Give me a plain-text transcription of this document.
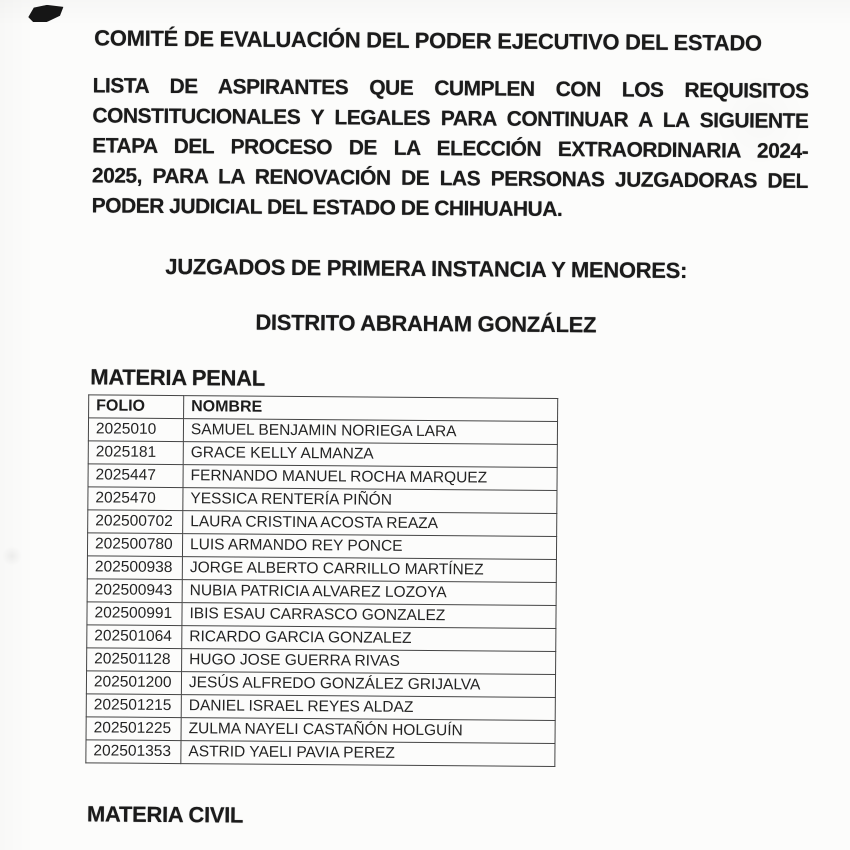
COMITÉ DE EVALUACIÓN DEL PODER EJECUTIVO DEL ESTADO
LISTA DE ASPIRANTES QUE CUMPLEN CON LOS REQUISITOS
CONSTITUCIONALES Y LEGALES PARA CONTINUAR A LA SIGUIENTE
ETAPA DEL PROCESO DE LA ELECCIÓN EXTRAORDINARIA 2024-
2025, PARA LA RENOVACIÓN DE LAS PERSONAS JUZGADORAS DEL
PODER JUDICIAL DEL ESTADO DE CHIHUAHUA.
JUZGADOS DE PRIMERA INSTANCIA Y MENORES:
DISTRITO ABRAHAM GONZÁLEZ
MATERIA PENAL
FOLIO	NOMBRE
2025010	SAMUEL BENJAMIN NORIEGA LARA
2025181	GRACE KELLY ALMANZA
2025447	FERNANDO MANUEL ROCHA MARQUEZ
2025470	YESSICA RENTERÍA PIÑÓN
202500702	LAURA CRISTINA ACOSTA REAZA
202500780	LUIS ARMANDO REY PONCE
202500938	JORGE ALBERTO CARRILLO MARTÍNEZ
202500943	NUBIA PATRICIA ALVAREZ LOZOYA
202500991	IBIS ESAU CARRASCO GONZALEZ
202501064	RICARDO GARCIA GONZALEZ
202501128	HUGO JOSE GUERRA RIVAS
202501200	JESÚS ALFREDO GONZÁLEZ GRIJALVA
202501215	DANIEL ISRAEL REYES ALDAZ
202501225	ZULMA NAYELI CASTAÑÓN HOLGUÍN
202501353	ASTRID YAELI PAVIA PEREZ
MATERIA CIVIL
